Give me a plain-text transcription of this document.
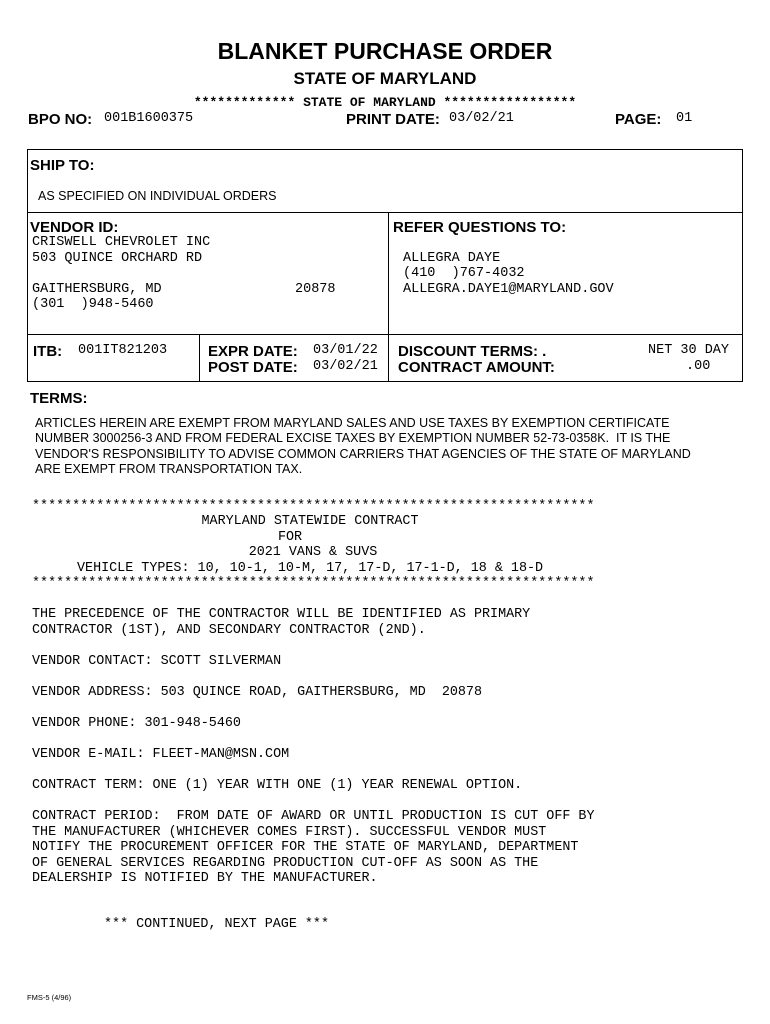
BLANKET PURCHASE ORDER
STATE OF MARYLAND
************* STATE OF MARYLAND *****************
BPO NO: 001B1600375	PRINT DATE: 03/02/21	PAGE: 01
SHIP TO:
AS SPECIFIED ON INDIVIDUAL ORDERS
VENDOR ID:
CRISWELL CHEVROLET INC
503 QUINCE ORCHARD RD
GAITHERSBURG, MD	20878
(301  )948-5460
REFER QUESTIONS TO:
ALLEGRA DAYE
(410  )767-4032
ALLEGRA.DAYE1@MARYLAND.GOV
ITB: 001IT821203	EXPR DATE: 03/01/22
POST DATE: 03/02/21
DISCOUNT TERMS: .	NET 30 DAY
CONTRACT AMOUNT:	.00
TERMS:
ARTICLES HEREIN ARE EXEMPT FROM MARYLAND SALES AND USE TAXES BY EXEMPTION CERTIFICATE
NUMBER 3000256-3 AND FROM FEDERAL EXCISE TAXES BY EXEMPTION NUMBER 52-73-0358K.  IT IS THE
VENDOR'S RESPONSIBILITY TO ADVISE COMMON CARRIERS THAT AGENCIES OF THE STATE OF MARYLAND
ARE EXEMPT FROM TRANSPORTATION TAX.
**********************************************************************
MARYLAND STATEWIDE CONTRACT
FOR
2021 VANS & SUVS
VEHICLE TYPES: 10, 10-1, 10-M, 17, 17-D, 17-1-D, 18 & 18-D
**********************************************************************
THE PRECEDENCE OF THE CONTRACTOR WILL BE IDENTIFIED AS PRIMARY
CONTRACTOR (1ST), AND SECONDARY CONTRACTOR (2ND).
VENDOR CONTACT: SCOTT SILVERMAN
VENDOR ADDRESS: 503 QUINCE ROAD, GAITHERSBURG, MD  20878
VENDOR PHONE: 301-948-5460
VENDOR E-MAIL: FLEET-MAN@MSN.COM
CONTRACT TERM: ONE (1) YEAR WITH ONE (1) YEAR RENEWAL OPTION.
CONTRACT PERIOD:  FROM DATE OF AWARD OR UNTIL PRODUCTION IS CUT OFF BY
THE MANUFACTURER (WHICHEVER COMES FIRST). SUCCESSFUL VENDOR MUST
NOTIFY THE PROCUREMENT OFFICER FOR THE STATE OF MARYLAND, DEPARTMENT
OF GENERAL SERVICES REGARDING PRODUCTION CUT-OFF AS SOON AS THE
DEALERSHIP IS NOTIFIED BY THE MANUFACTURER.
*** CONTINUED, NEXT PAGE ***
FMS-5 (4/96)
